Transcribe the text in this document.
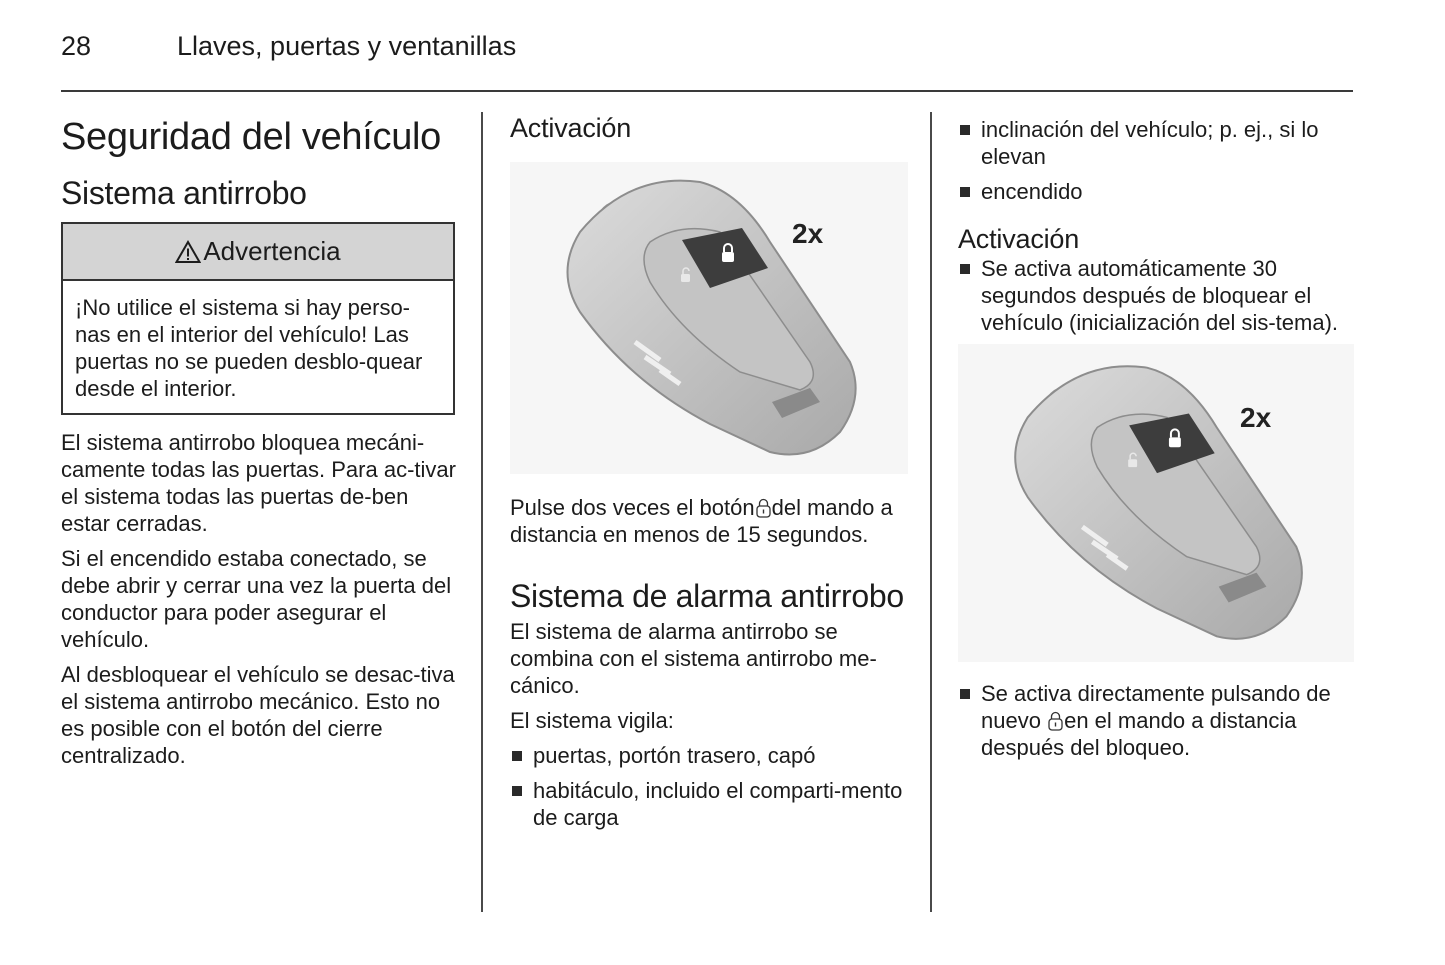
28	Llaves, puertas y ventanillas
Seguridad del vehículo
Sistema antirrobo
Advertencia

¡No utilice el sistema si hay perso-nas en el interior del vehículo! Las puertas no se pueden desblo-quear desde el interior.

El sistema antirrobo bloquea mecáni-camente todas las puertas. Para ac-tivar el sistema todas las puertas de-ben estar cerradas.

Si el encendido estaba conectado, se debe abrir y cerrar una vez la puerta del conductor para poder asegurar el vehículo.

Al desbloquear el vehículo se desac-tiva el sistema antirrobo mecánico. Esto no es posible con el botón del cierre centralizado.

Activación
2x

Pulse dos veces el botón del mando a distancia en menos de 15 segundos.

Sistema de alarma antirrobo

El sistema de alarma antirrobo se combina con el sistema antirrobo me-cánico.

El sistema vigila:

puertas, portón trasero, capó
habitáculo, incluido el comparti-mento de carga
inclinación del vehículo; p. ej., si lo elevan
encendido
Activación
Se activa automáticamente 30 segundos después de bloquear el vehículo (inicialización del sis-tema).
2x
Se activa directamente pulsando de nuevo en el mando a distancia después del bloqueo.
